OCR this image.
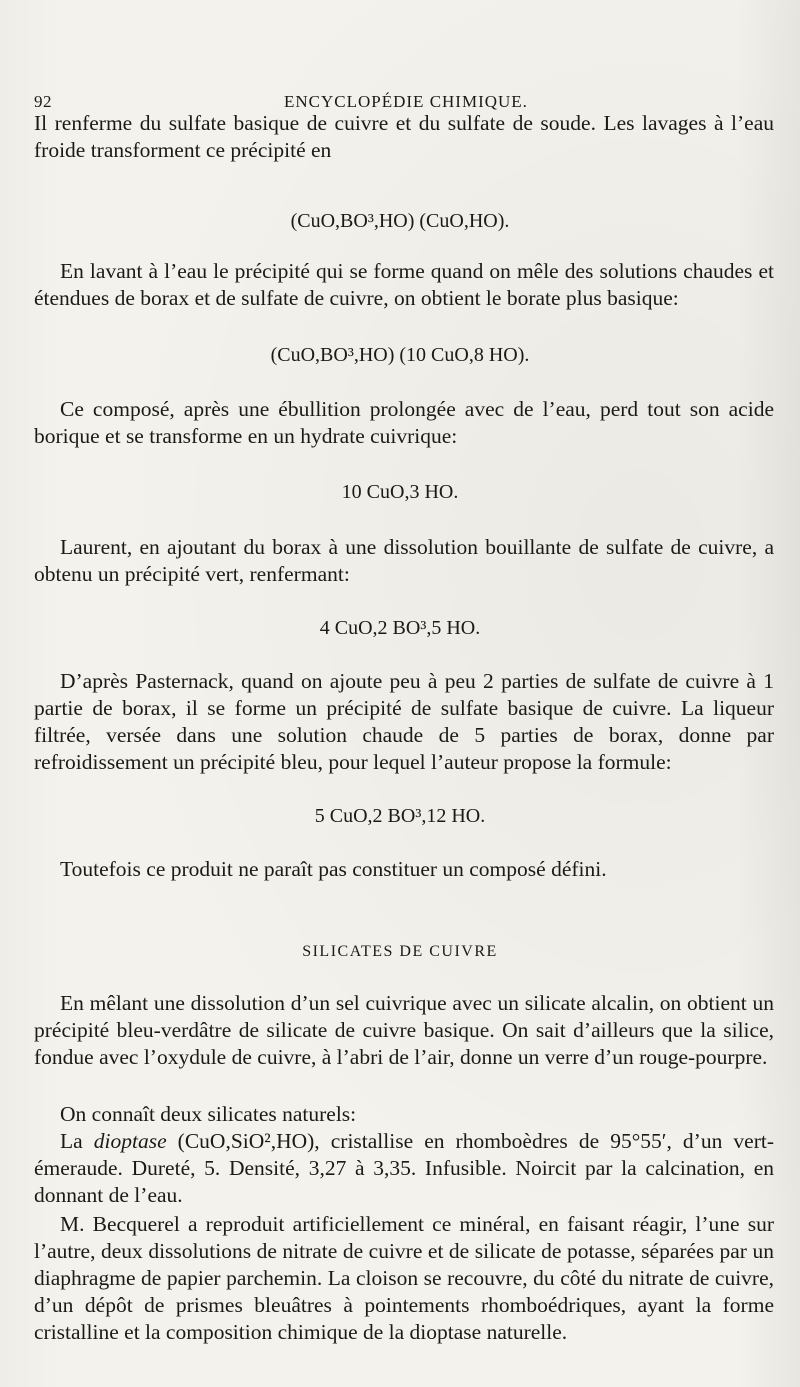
92	ENCYCLOPÉDIE CHIMIQUE.

Il renferme du sulfate basique de cuivre et du sulfate de soude. Les lavages à l’eau froide transforment ce précipité en

(CuO,BO³,HO) (CuO,HO).

En lavant à l’eau le précipité qui se forme quand on mêle des solutions chaudes et étendues de borax et de sulfate de cuivre, on obtient le borate plus basique:

(CuO,BO³,HO) (10 CuO,8 HO).

Ce composé, après une ébullition prolongée avec de l’eau, perd tout son acide borique et se transforme en un hydrate cuivrique:

10 CuO,3 HO.

Laurent, en ajoutant du borax à une dissolution bouillante de sulfate de cuivre, a obtenu un précipité vert, renfermant:

4 CuO,2 BO³,5 HO.

D’après Pasternack, quand on ajoute peu à peu 2 parties de sulfate de cuivre à 1 partie de borax, il se forme un précipité de sulfate basique de cuivre. La liqueur filtrée, versée dans une solution chaude de 5 parties de borax, donne par refroidissement un précipité bleu, pour lequel l’auteur propose la formule:

5 CuO,2 BO³,12 HO.

Toutefois ce produit ne paraît pas constituer un composé défini.

SILICATES DE CUIVRE

En mêlant une dissolution d’un sel cuivrique avec un silicate alcalin, on obtient un précipité bleu-verdâtre de silicate de cuivre basique. On sait d’ailleurs que la silice, fondue avec l’oxydule de cuivre, à l’abri de l’air, donne un verre d’un rouge-pourpre.

On connaît deux silicates naturels:

La dioptase (CuO,SiO²,HO), cristallise en rhomboèdres de 95°55′, d’un vert-émeraude. Dureté, 5. Densité, 3,27 à 3,35. Infusible. Noircit par la calcination, en donnant de l’eau.

M. Becquerel a reproduit artificiellement ce minéral, en faisant réagir, l’une sur l’autre, deux dissolutions de nitrate de cuivre et de silicate de potasse, séparées par un diaphragme de papier parchemin. La cloison se recouvre, du côté du nitrate de cuivre, d’un dépôt de prismes bleuâtres à pointements rhomboédriques, ayant la forme cristalline et la composition chimique de la dioptase naturelle.
